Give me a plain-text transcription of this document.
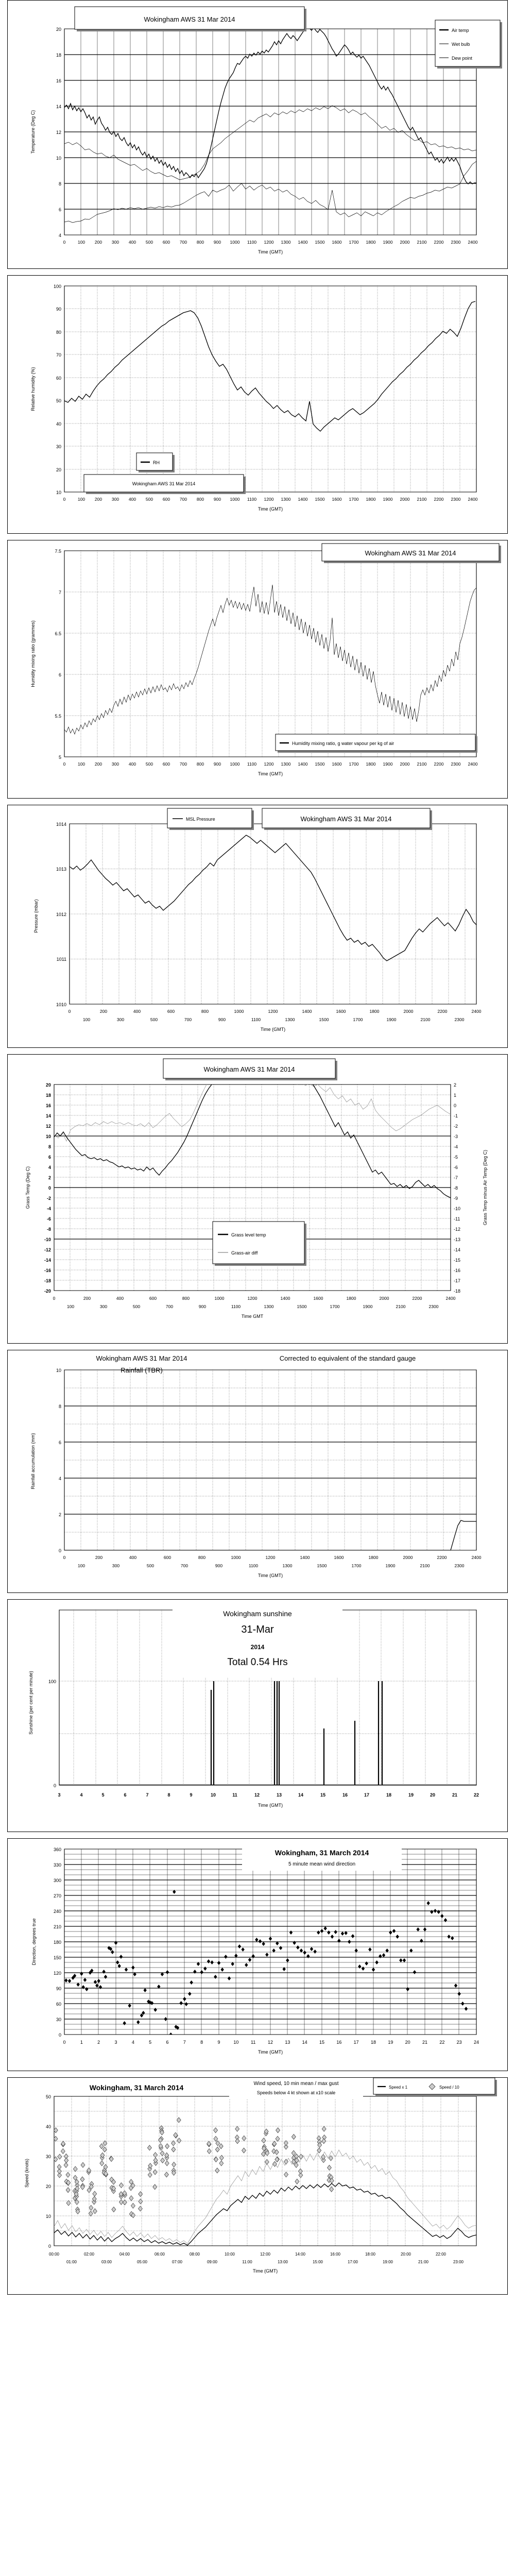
4
6
8
10
12
14
16
18
20
0	100 200 300 400 500 600 700 800 900 1000 1100 1200 1300 1400 1500 1600 1700 1800 1900 2000 2100 2200 2300 2400
Time (GMT)
Temperature (Deg C)
Wokingham AWS 31 Mar 2014
Air temp
Wet bulb
Dew point
10
20
30
40
50
60
70
80
90
100
0	100 200 300 400 500 600 700 800 900 1000 1100 1200 1300 1400 1500 1600 1700 1800 1900 2000 2100 2200 2300 2400
Time (GMT)
Relative humidity (%)
RH
Wokingham AWS 31 Mar 2014
5
5.5
6
6.5
7
7.5
0	100 200 300 400 500 600 700 800 900 1000 1100 1200 1300 1400 1500 1600 1700 1800 1900 2000 2100 2200 2300 2400
Time (GMT)
Humidity mixing ratio (grammes)
Wokingham AWS 31 Mar 2014
Humidity mixing ratio, g water vapour per kg of air
1010
1011
1012
1013
1014
0	200	400	600	800	1000	1200	1400	1600	1800	2000	2200	2400
100	300	500	700	900	1100	1300	1500	1700	1900	2100	2300
Time (GMT)
Pressure (mbar)
MSL Pressure	Wokingham AWS 31 Mar 2014
-20
-18
-16
-14
-12
-10
-8
-6
-4
-2
0
2
4
6
8
10
12
14
16
18
20
-18
-17
-16
-15
-14
-13
-12
-11
-10
-9
-8
-7
-6
-5
-4
-3
-2
-1
0
1
2
0	200	400	600	800	1000	1200	1400	1600	1800	2000	2200	2400
100	300	500	700	900	1100	1300	1500	1700	1900	2100	2300
Time GMT
Grass Temp (Deg C)	Grass Temp minus Air Temp (Deg C)
Wokingham AWS 31 Mar 2014
Grass level temp
Grass-air diff
0
2
4
6
8
10
0	200	400	600	800	1000	1200	1400	1600	1800	2000	2200	2400
100	300	500	700	900	1100	1300	1500	1700	1900	2100	2300
Time (GMT)
Rainfall accumulation (mm)
Wokingham AWS 31 Mar 2014
Rainfall (TBR)
Corrected to equivalent of the standard gauge
0
100
3	4	5	6	7	8	9	10	11	12	13	14	15	16	17	18	19	20	21	22
Time (GMT)
Sunshine (per cent per minute)
Wokingham sunshine
31-Mar
2014
Total 0.54 Hrs
0
30
60
90
120
150
180
210
240
270
300
330
360
0	1	2	3	4	5	6	7	8	9	10	11	12	13	14	15	16	17	18	19	20	21	22	23	24
Time (GMT)
Direction, degrees true
Wokingham, 31 March 2014
5 minute mean wind direction
0
10
20
30
40
50
00:00	02:00	04:00	06:00	08:00	10:00	12:00	14:00	16:00	18:00	20:00	22:00
01:00	03:00	05:00	07:00	09:00	11:00	13:00	15:00	17:00	19:00	21:00	23:00
Time (GMT)
Speed (knots)
Wokingham, 31 March 2014	Wind speed, 10 min mean / max gust
Speeds below 4 kt shown at x10 scale
Speed x 1	Speed / 10
